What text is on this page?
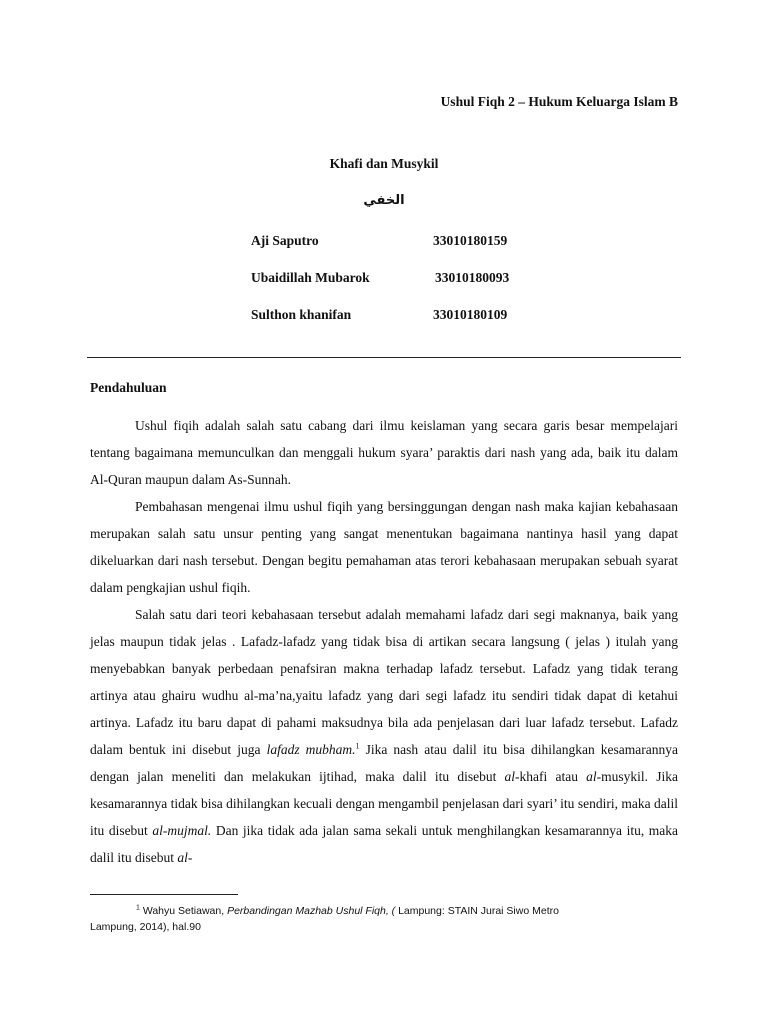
Ushul Fiqh 2 – Hukum Keluarga Islam B
Khafi dan Musykil
الخفي
Aji Saputro	33010180159
Ubaidillah Mubarok	33010180093
Sulthon khanifan	33010180109
Pendahuluan

Ushul fiqih adalah salah satu cabang dari ilmu keislaman yang secara garis besar mempelajari tentang bagaimana memunculkan dan menggali hukum syara’ paraktis dari nash yang ada, baik itu dalam Al-Quran maupun dalam As-Sunnah.

Pembahasan mengenai ilmu ushul fiqih yang bersinggungan dengan nash maka kajian kebahasaan merupakan salah satu unsur penting yang sangat menentukan bagaimana nantinya hasil yang dapat dikeluarkan dari nash tersebut. Dengan begitu pemahaman atas terori kebahasaan merupakan sebuah syarat dalam pengkajian ushul fiqih.

Salah satu dari teori kebahasaan tersebut adalah memahami lafadz dari segi maknanya, baik yang jelas maupun tidak jelas . Lafadz-lafadz yang tidak bisa di artikan secara langsung ( jelas ) itulah yang menyebabkan banyak perbedaan penafsiran makna terhadap lafadz tersebut. Lafadz yang tidak terang artinya atau ghairu wudhu al-ma’na,yaitu lafadz yang dari segi lafadz itu sendiri tidak dapat di ketahui artinya. Lafadz itu baru dapat di pahami maksudnya bila ada penjelasan dari luar lafadz tersebut. Lafadz dalam bentuk ini disebut juga lafadz mubham.$^1$ Jika nash atau dalil itu bisa dihilangkan kesamarannya dengan jalan meneliti dan melakukan ijtihad, maka dalil itu disebut al-khafi atau al-musykil. Jika kesamarannya tidak bisa dihilangkan kecuali dengan mengambil penjelasan dari syari’ itu sendiri, maka dalil itu disebut al-mujmal. Dan jika tidak ada jalan sama sekali untuk menghilangkan kesamarannya itu, maka dalil itu disebut al-

$^1$ Wahyu Setiawan, Perbandingan Mazhab Ushul Fiqh, ( Lampung: STAIN Jurai Siwo Metro Lampung, 2014), hal.90
